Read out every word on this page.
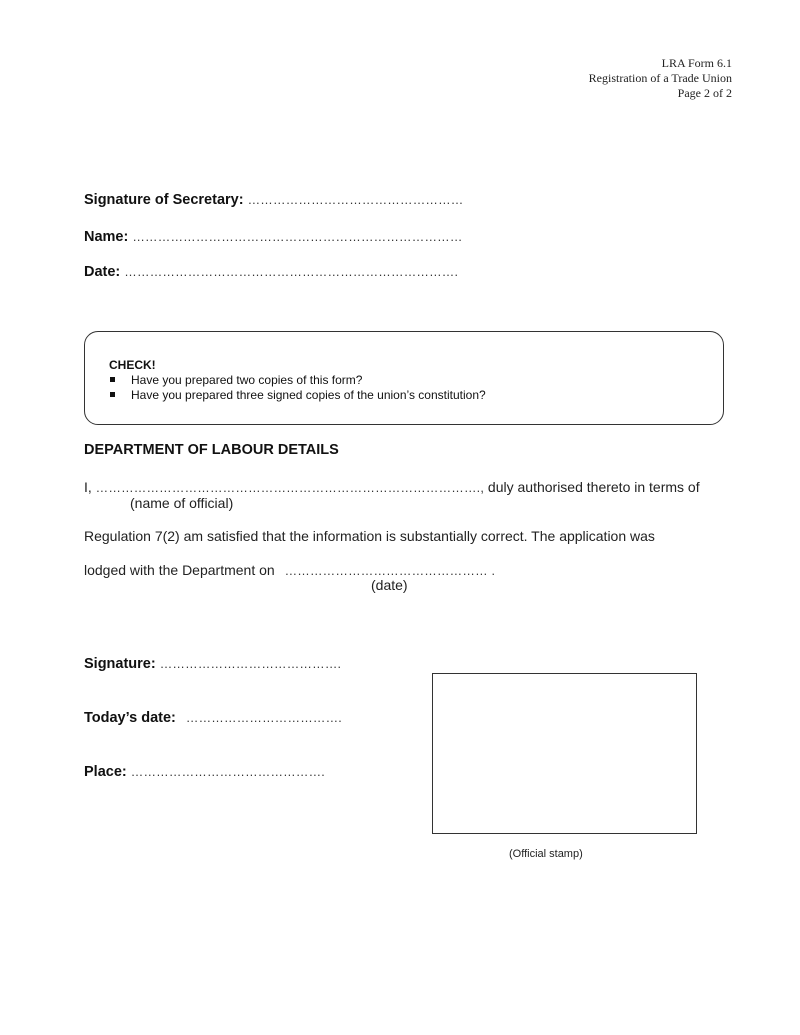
LRA Form 6.1
Registration of a Trade Union
Page 2 of 2
Signature of Secretary: ……………………………………………
Name: ……………………………………………………………………
Date: …………………………………………………………………….
CHECK!
Have you prepared two copies of this form?
Have you prepared three signed copies of the union’s constitution?
DEPARTMENT OF LABOUR DETAILS
I, ………………………………………………………………………………., duly authorised thereto in terms of
(name of official)
Regulation 7(2) am satisfied that the information is substantially correct. The application was
lodged with the Department on ………………………………………… .
(date)
Signature: …………………………………….
Today’s date: ……………………………….
Place: ……………………………………….
(Official stamp)
